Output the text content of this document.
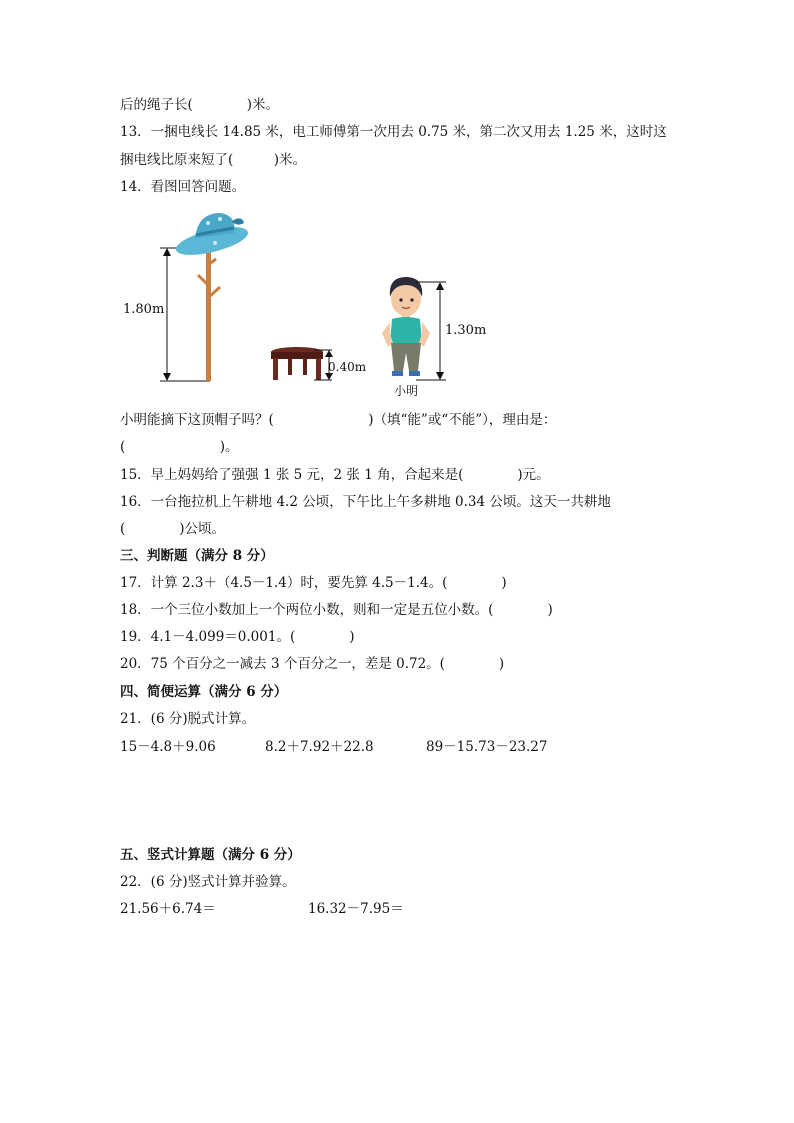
后的绳子长(　　　　)米。
13．一捆电线长 14.85 米，电工师傅第一次用去 0.75 米，第二次又用去 1.25 米，这时这
捆电线比原来短了(　　　)米。
14．看图回答问题。
1.80m
0.40m
小明
1.30m
小明能摘下这顶帽子吗？(　　　　　　　)（填“能”或“不能”），理由是：
(　　　　　　　)。
15．早上妈妈给了强强 1 张 5 元，2 张 1 角，合起来是(　　　　)元。
16．一台拖拉机上午耕地 4.2 公顷，下午比上午多耕地 0.34 公顷。这天一共耕地
(　　　　)公顷。
三、判断题（满分 8 分）
17．计算 2.3＋（4.5－1.4）时，要先算 4.5－1.4。(　　　　)
18．一个三位小数加上一个两位小数，则和一定是五位小数。(　　　　)
19．4.1－4.099＝0.001。(　　　　)
20．75 个百分之一减去 3 个百分之一，差是 0.72。(　　　　)
四、简便运算（满分 6 分）
21．(6 分)脱式计算。
15－4.8＋9.06	8.2＋7.92＋22.8	89－15.73－23.27
五、竖式计算题（满分 6 分）
22．(6 分)竖式计算并验算。
21.56＋6.74＝	16.32－7.95＝
